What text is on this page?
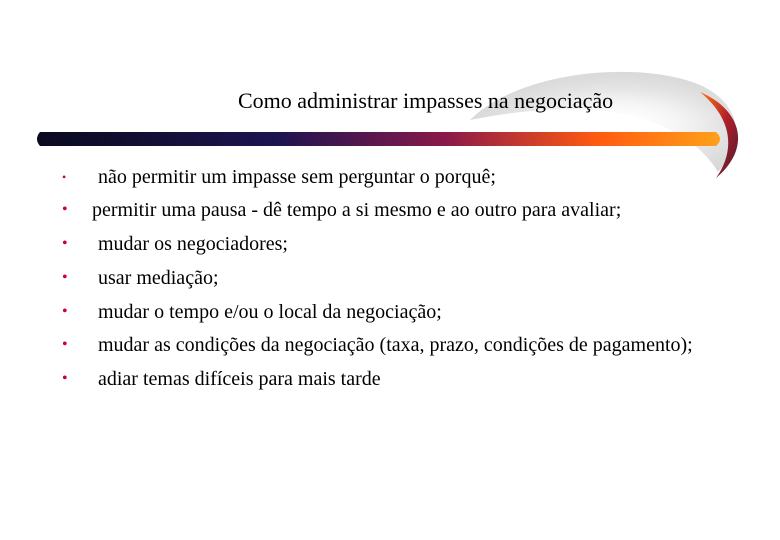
Como administrar impasses na negociação
• não permitir um impasse sem perguntar o porquê;
• permitir uma pausa - dê tempo a si mesmo e ao outro para avaliar;
• mudar os negociadores;
• usar mediação;
• mudar o tempo e/ou o local da negociação;
• mudar as condições da negociação (taxa, prazo, condições de pagamento);
• adiar temas difíceis para mais tarde
